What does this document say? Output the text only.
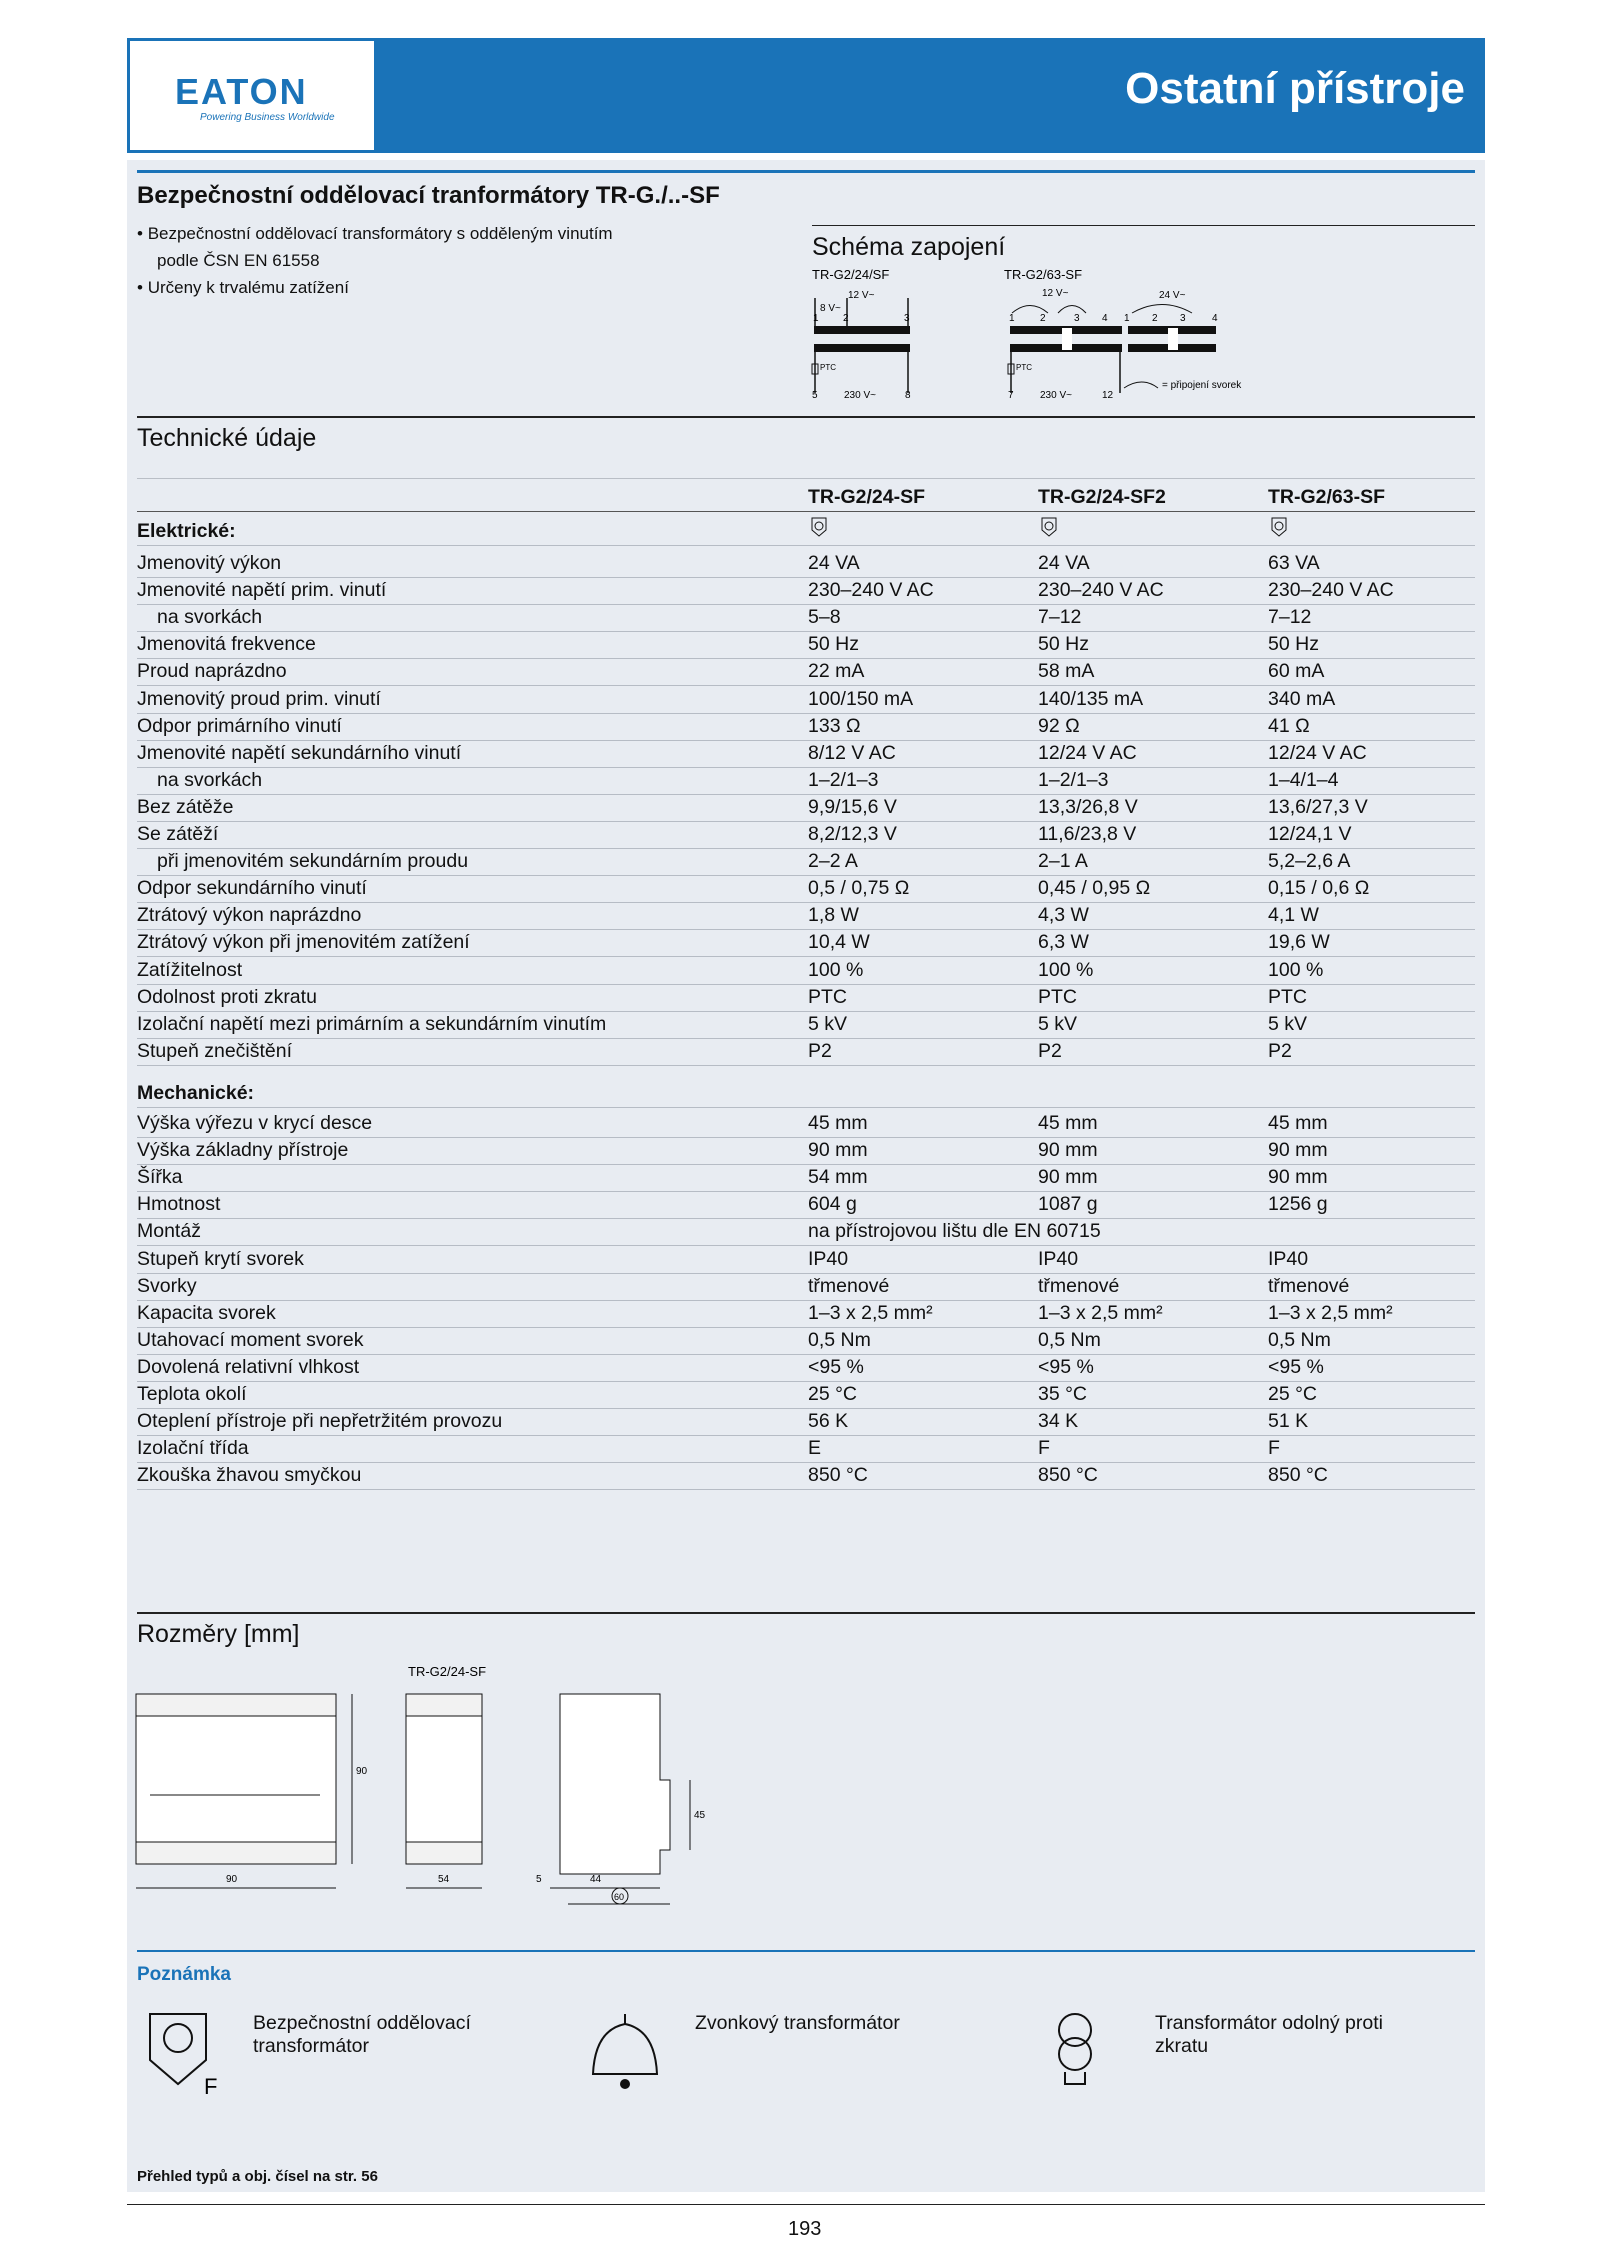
EATON
Powering Business Worldwide
Ostatní přístroje
Bezpečnostní oddělovací tranformátory TR-G./..-SF
• Bezpečnostní oddělovací transformátory s odděleným vinutím
podle ČSN EN 61558
• Určeny k trvalému zatížení
Schéma zapojení
TR-G2/24/SF	TR-G2/63-SF
8 V~
12 V~
PTC
230 V~
1 2	3
5	8
12 V~	24 V~
PTC
230 V~
1	2	3 4 1 2 3	4
7	12
= připojení svorek
Technické údaje
TR-G2/24-SF	TR-G2/24-SF2	TR-G2/63-SF
Elektrické:
Jmenovitý výkon	24 VA	24 VA	63 VA
Jmenovité napětí prim. vinutí	230–240 V AC	230–240 V AC	230–240 V AC
na svorkách	5–8	7–12	7–12
Jmenovitá frekvence	50 Hz	50 Hz	50 Hz
Proud naprázdno	22 mA	58 mA	60 mA
Jmenovitý proud prim. vinutí	100/150 mA	140/135 mA	340 mA
Odpor primárního vinutí	133 Ω	92 Ω	41 Ω
Jmenovité napětí sekundárního vinutí	8/12 V AC	12/24 V AC	12/24 V AC
na svorkách	1–2/1–3	1–2/1–3	1–4/1–4
Bez zátěže	9,9/15,6 V	13,3/26,8 V	13,6/27,3 V
Se zátěží	8,2/12,3 V	11,6/23,8 V	12/24,1 V
při jmenovitém sekundárním proudu	2–2 A	2–1 A	5,2–2,6 A
Odpor sekundárního vinutí	0,5 / 0,75 Ω	0,45 / 0,95 Ω	0,15 / 0,6 Ω
Ztrátový výkon naprázdno	1,8 W	4,3 W	4,1 W
Ztrátový výkon při jmenovitém zatížení	10,4 W	6,3 W	19,6 W
Zatížitelnost	100 %	100 %	100 %
Odolnost proti zkratu	PTC	PTC	PTC
Izolační napětí mezi primárním a sekundárním vinutím	5 kV	5 kV	5 kV
Stupeň znečištění	P2	P2	P2
Mechanické:
Výška výřezu v krycí desce	45 mm	45 mm	45 mm
Výška základny přístroje	90 mm	90 mm	90 mm
Šířka	54 mm	90 mm	90 mm
Hmotnost	604 g	1087 g	1256 g
Montáž	na přístrojovou lištu dle EN 60715
Stupeň krytí svorek	IP40	IP40	IP40
Svorky	třmenové	třmenové	třmenové
Kapacita svorek	1–3 x 2,5 mm²	1–3 x 2,5 mm²	1–3 x 2,5 mm²
Utahovací moment svorek	0,5 Nm	0,5 Nm	0,5 Nm
Dovolená relativní vlhkost	<95 %	<95 %	<95 %
Teplota okolí	25 °C	35 °C	25 °C
Oteplení přístroje při nepřetržitém provozu	56 K	34 K	51 K
Izolační třída	E	F	F
Zkouška žhavou smyčkou	850 °C	850 °C	850 °C
Rozměry [mm]
TR-G2/24-SF
90
90
54
45
5	44
60
Poznámka
F
Bezpečnostní oddělovací transformátor
Zvonkový transformátor	Transformátor odolný proti zkratu
Přehled typů a obj. čísel na str. 56
193
